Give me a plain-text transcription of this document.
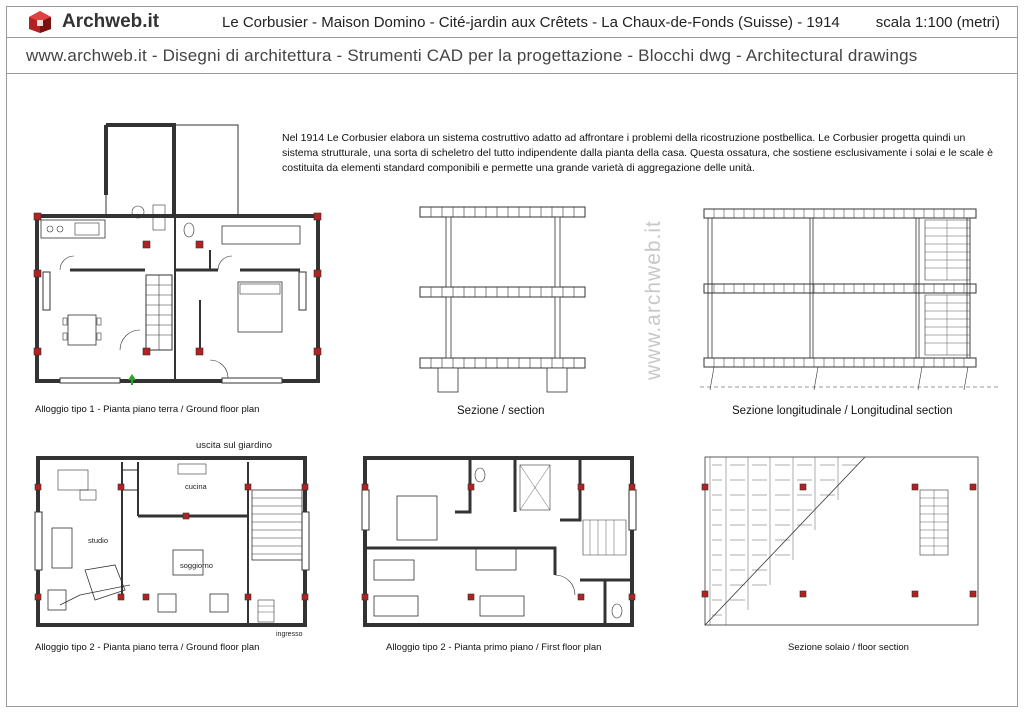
Archweb.it	Le Corbusier - Maison Domino - Cité-jardin aux Crêtets - La Chaux-de-Fonds (Suisse) - 1914 scala 1:100 (metri)
www.archweb.it - Disegni di architettura - Strumenti CAD per la progettazione - Blocchi dwg - Architectural drawings
Nel 1914 Le Corbusier elabora un sistema costruttivo adatto ad affrontare i problemi della ricostruzione postbellica. Le Corbusier progetta quindi un sistema strutturale, una sorta di scheletro del tutto indipendente dalla pianta della casa. Questa ossatura, che sostiene esclusivamente i solai e le scale è costituita da elementi standard componibili e permette una grande varietà di aggregazione delle unità.
www.archweb.it
uscita sul giardino
cucina
studio
soggiorno
ingresso
Alloggio tipo 1 - Pianta piano terra / Ground floor plan	Sezione / section	Sezione longitudinale / Longitudinal section
Alloggio tipo 2 - Pianta piano terra / Ground floor plan	Alloggio tipo 2 - Pianta primo piano / First floor plan	Sezione solaio / floor section
